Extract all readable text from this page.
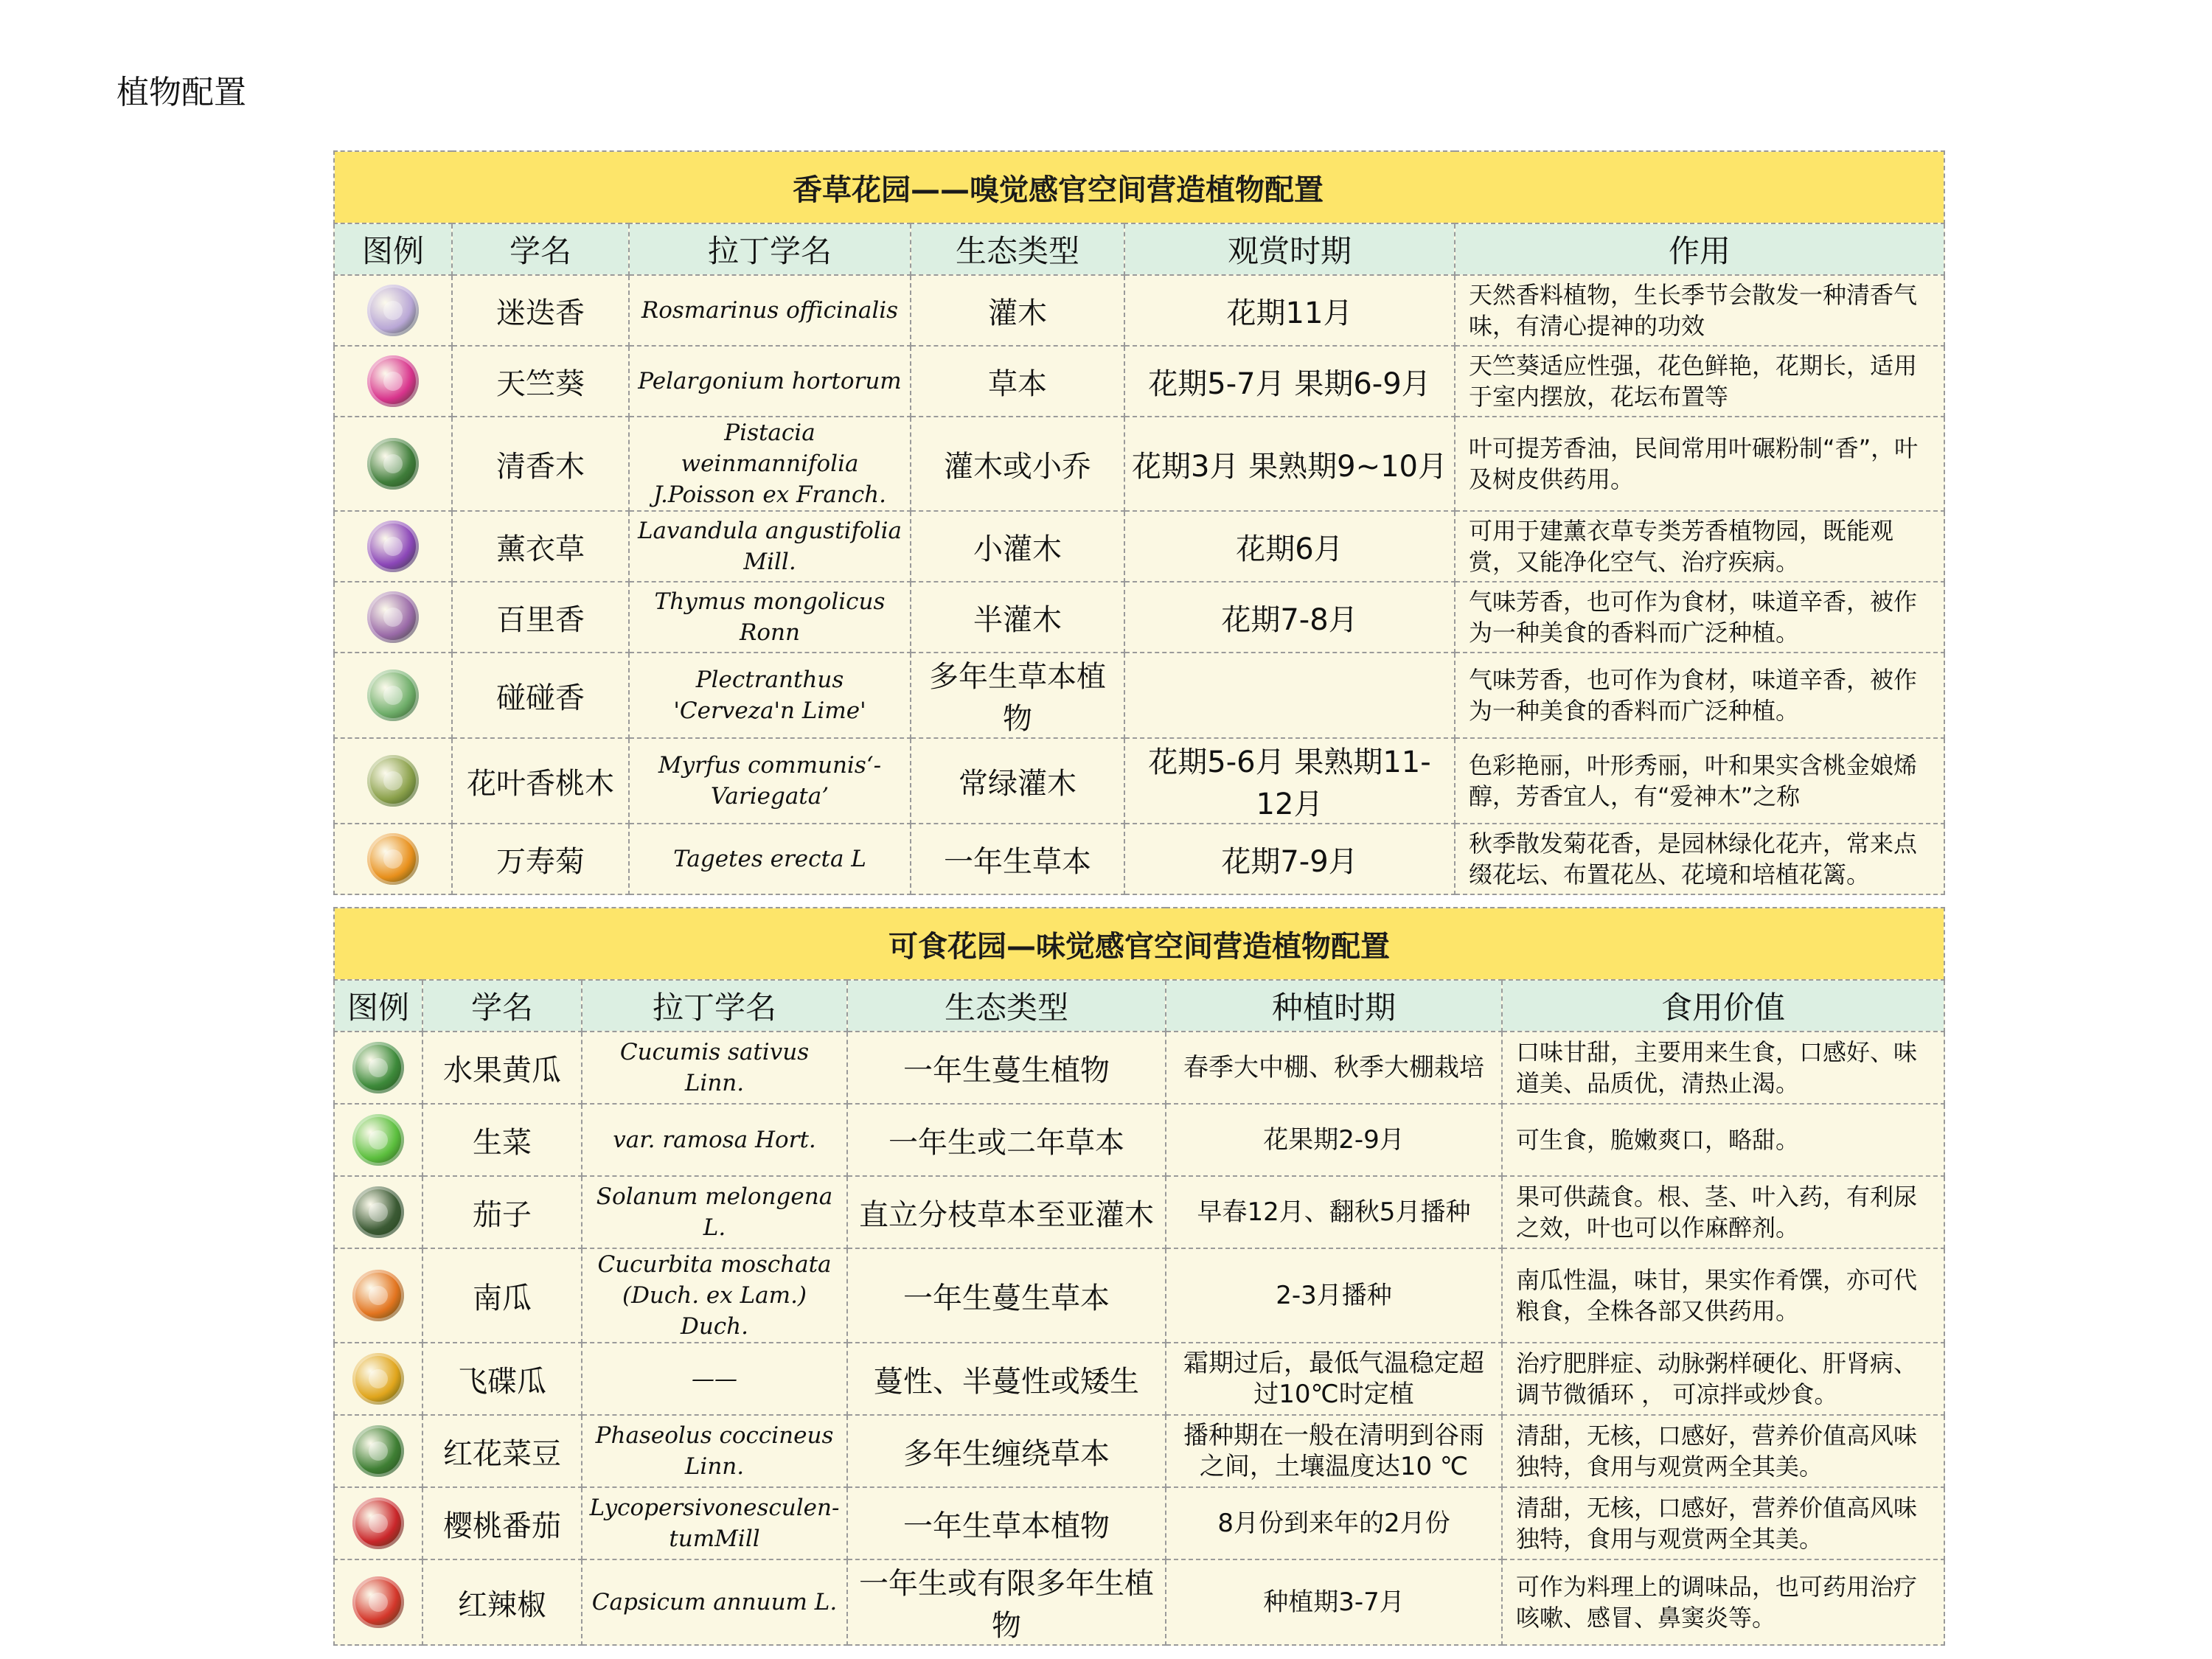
植物配置
香草花园——嗅觉感官空间营造植物配置					
图例	学名	拉丁学名	生态类型	观赏时期	作用
	迷迭香	Rosmarinus officinalis	灌木	花期11月	天然香料植物，生长季节会散发一种清香气味，有清心提神的功效
	天竺葵	Pelargonium hortorum	草本	花期5-7月 果期6-9月	天竺葵适应性强，花色鲜艳，花期长，适用于室内摆放，花坛布置等
	清香木	Pistacia weinmannifolia J.Poisson ex Franch.	灌木或小乔	花期3月 果熟期9~10月	叶可提芳香油，民间常用叶碾粉制“香”，叶及树皮供药用。
	薰衣草	Lavandula angustifolia Mill.	小灌木	花期6月	可用于建薰衣草专类芳香植物园，既能观赏，又能净化空气、治疗疾病。
	百里香	Thymus mongolicus Ronn	半灌木	花期7-8月	气味芳香，也可作为食材，味道辛香，被作为一种美食的香料而广泛种植。
	碰碰香	Plectranthus 'Cerveza'n Lime'	多年生草本植物		气味芳香，也可作为食材，味道辛香，被作为一种美食的香料而广泛种植。
	花叶香桃木	Myrfus communis‘-Variegata’	常绿灌木	花期5-6月 果熟期11-12月	色彩艳丽，叶形秀丽，叶和果实含桃金娘烯醇，芳香宜人，有“爱神木”之称
	万寿菊	Tagetes erecta L	一年生草本	花期7-9月	秋季散发菊花香，是园林绿化花卉，常来点缀花坛、布置花丛、花境和培植花篱。
可食花园—味觉感官空间营造植物配置					
图例	学名	拉丁学名	生态类型	种植时期	食用价值
	水果黄瓜	Cucumis sativus Linn.	一年生蔓生植物	春季大中棚、秋季大棚栽培	口味甘甜，主要用来生食，口感好、味道美、品质优，清热止渴。
	生菜	var. ramosa Hort.	一年生或二年草本	花果期2-9月	可生食，脆嫩爽口，略甜。
	茄子	Solanum melongena L.	直立分枝草本至亚灌木	早春12月、翻秋5月播种	果可供蔬食。根、茎、叶入药，有利尿之效，叶也可以作麻醉剂。
	南瓜	Cucurbita moschata (Duch. ex Lam.) Duch.	一年生蔓生草本	2-3月播种	南瓜性温，味甘，果实作肴馔，亦可代粮食，全株各部又供药用。
	飞碟瓜	——	蔓性、半蔓性或矮生	霜期过后，最低气温稳定超过10℃时定植	治疗肥胖症、动脉粥样硬化、肝肾病、调节微循环 ， 可凉拌或炒食。
	红花菜豆	Phaseolus coccineus Linn.	多年生缠绕草本	播种期在一般在清明到谷雨之间，土壤温度达10 ℃	清甜，无核，口感好，营养价值高风味独特，食用与观赏两全其美。
	樱桃番茄	Lycopersivonesculen-tumMill	一年生草本植物	8月份到来年的2月份	清甜，无核，口感好，营养价值高风味独特，食用与观赏两全其美。
	红辣椒	Capsicum annuum L.	一年生或有限多年生植物	种植期3-7月	可作为料理上的调味品，也可药用治疗咳嗽、感冒、鼻窦炎等。
